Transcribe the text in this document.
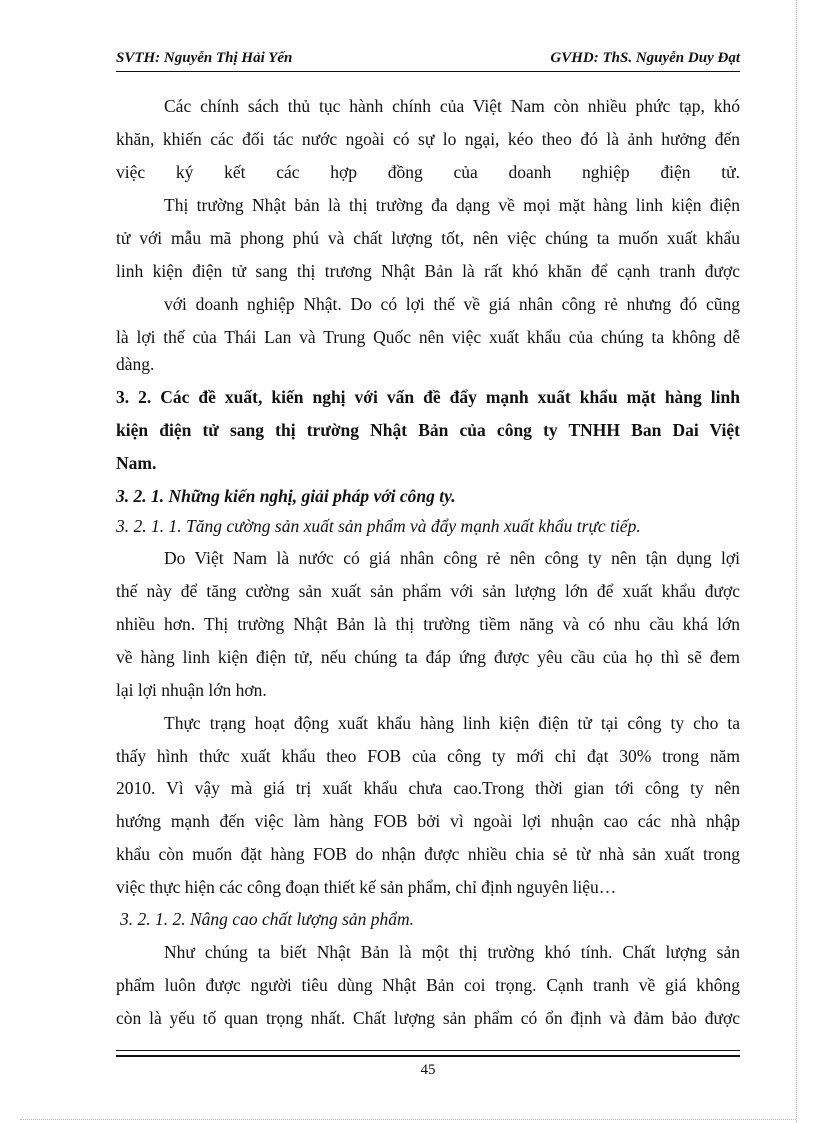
SVTH: Nguyễn Thị Hải Yến	GVHD: ThS. Nguyễn Duy Đạt
Các chính sách thủ tục hành chính của Việt Nam còn nhiều phức tạp, khó
khăn, khiến các đối tác nước ngoài có sự lo ngại, kéo theo đó là ảnh hưởng đến
việc ký kết các hợp đồng của doanh nghiệp điện tử.
Thị trường Nhật bản là thị trường đa dạng về mọi mặt hàng linh kiện điện
tử với mẫu mã phong phú và chất lượng tốt, nên việc chúng ta muốn xuất khẩu
linh kiện điện tử sang thị trương Nhật Bản là rất khó khăn để cạnh tranh được
với doanh nghiệp Nhật. Do có lợi thế về giá nhân công rẻ nhưng đó cũng
là lợi thế của Thái Lan và Trung Quốc nên việc xuất khẩu của chúng ta không dễ
dàng.
3. 2. Các đề xuất, kiến nghị với vấn đề đẩy mạnh xuất khẩu mặt hàng linh
kiện điện tử sang thị trường Nhật Bản của công ty TNHH Ban Dai Việt
Nam.
3. 2. 1. Những kiến nghị, giải pháp với công ty.
3. 2. 1. 1. Tăng cường sản xuất sản phẩm và đẩy mạnh xuất khẩu trực tiếp.
Do Việt Nam là nước có giá nhân công rẻ nên công ty nên tận dụng lợi
thế này để tăng cường sản xuất sản phẩm với sản lượng lớn để xuất khẩu được
nhiều hơn. Thị trường Nhật Bản là thị trường tiềm năng và có nhu cầu khá lớn
về hàng linh kiện điện tử, nếu chúng ta đáp ứng được yêu cầu của họ thì sẽ đem
lại lợi nhuận lớn hơn.
Thực trạng hoạt động xuất khẩu hàng linh kiện điện tử tại công ty cho ta
thấy hình thức xuất khẩu theo FOB của công ty mới chỉ đạt 30% trong năm
2010. Vì vậy mà giá trị xuất khẩu chưa cao.Trong thời gian tới công ty nên
hướng mạnh đến việc làm hàng FOB bởi vì ngoài lợi nhuận cao các nhà nhập
khẩu còn muốn đặt hàng FOB do nhận được nhiều chia sẻ từ nhà sản xuất trong
việc thực hiện các công đoạn thiết kế sản phẩm, chỉ định nguyên liệu…
3. 2. 1. 2. Nâng cao chất lượng sản phẩm.
Như chúng ta biết Nhật Bản là một thị trường khó tính. Chất lượng sản
phẩm luôn được người tiêu dùng Nhật Bản coi trọng. Cạnh tranh về giá không
còn là yếu tố quan trọng nhất. Chất lượng sản phẩm có ổn định và đảm bảo được
45
